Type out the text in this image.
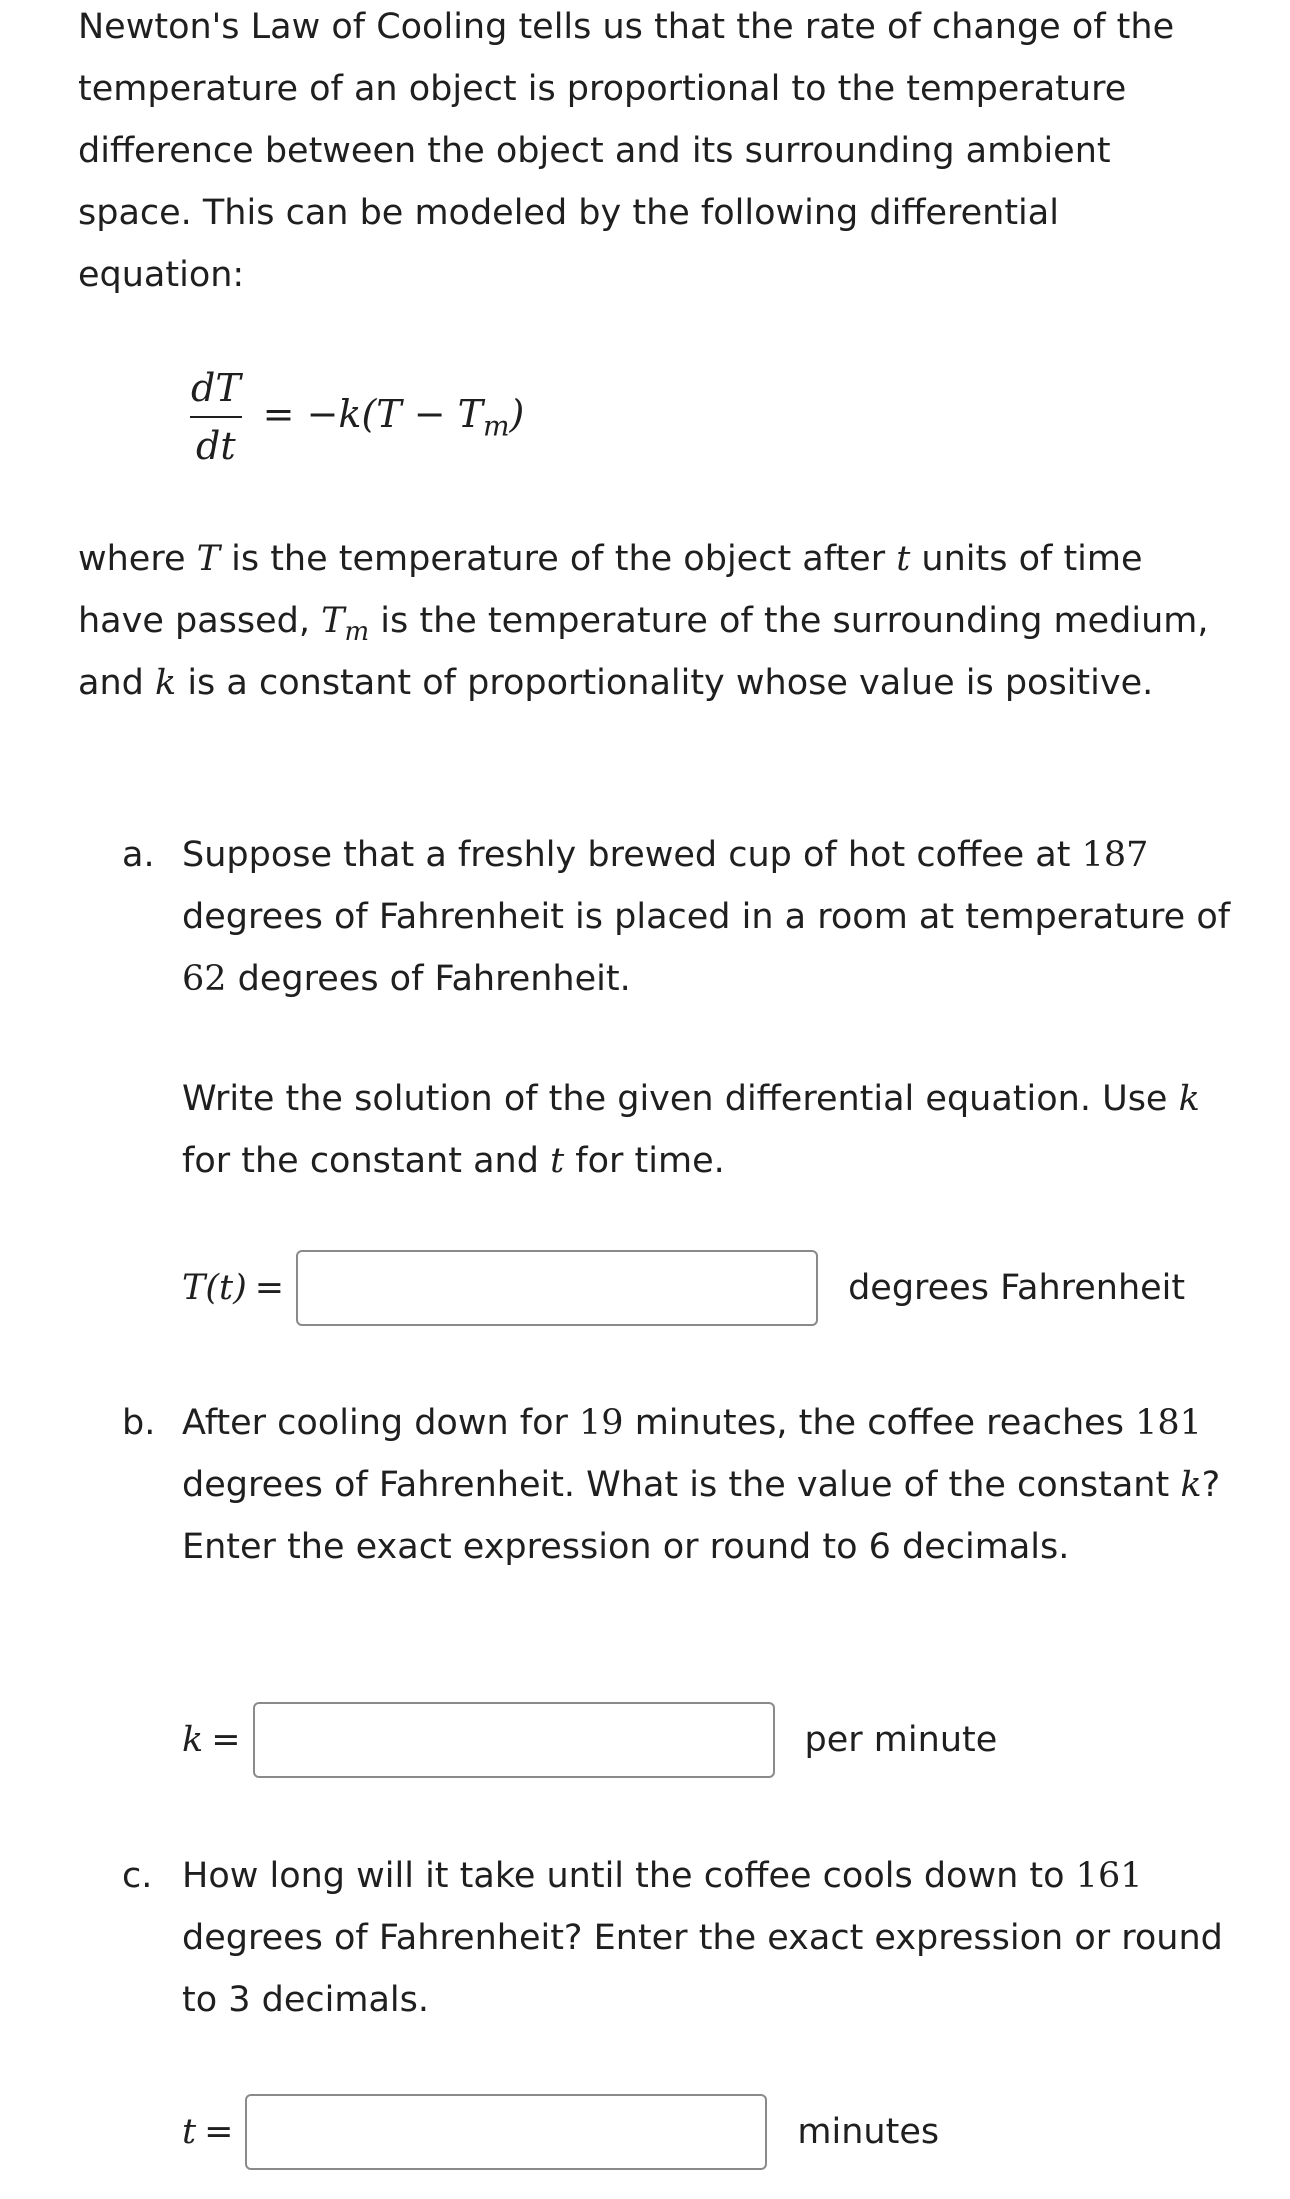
Newton's Law of Cooling tells us that the rate of change of the temperature of an object is proportional to the temperature difference between the object and its surrounding ambient space. This can be modeled by the following differential equation:

$\frac{dT}{dt} = -k(T - T_m)$

where T is the temperature of the object after t units of time have passed, $T_m$ is the temperature of the surrounding medium, and k is a constant of proportionality whose value is positive.

a. Suppose that a freshly brewed cup of hot coffee at 187 degrees of Fahrenheit is placed in a room at temperature of 62 degrees of Fahrenheit.
Write the solution of the given differential equation. Use k for the constant and t for time.
T(t) =	degrees Fahrenheit
b. After cooling down for 19 minutes, the coffee reaches 181 degrees of Fahrenheit. What is the value of the constant k? Enter the exact expression or round to 6 decimals.
k =	per minute
c. How long will it take until the coffee cools down to 161 degrees of Fahrenheit? Enter the exact expression or round to 3 decimals.
t =	minutes
